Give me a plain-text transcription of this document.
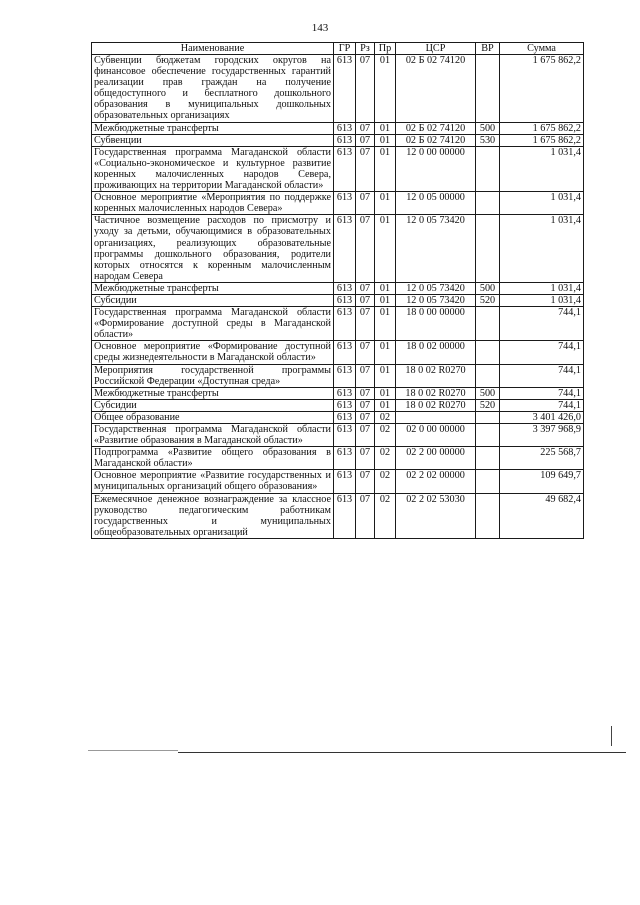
143
Наименование	ГР	Рз	Пр	ЦСР	ВР	Сумма
Субвенции бюджетам городских округов на финансовое обеспечение государственных гарантий реализации прав граждан на получение общедоступного и бесплатного дошкольного образования в муниципальных дошкольных образовательных организациях	613	07	01	02 Б 02 74120		1 675 862,2
Межбюджетные трансферты	613	07	01	02 Б 02 74120	500	1 675 862,2
Субвенции	613	07	01	02 Б 02 74120	530	1 675 862,2
Государственная программа Магаданской области «Социально-экономическое и культурное развитие коренных малочисленных народов Севера, проживающих на территории Магаданской области»	613	07	01	12 0 00 00000		1 031,4
Основное мероприятие «Мероприятия по поддержке коренных малочисленных народов Севера»	613	07	01	12 0 05 00000		1 031,4
Частичное возмещение расходов по присмотру и уходу за детьми, обучающимися в образовательных организациях, реализующих образовательные программы дошкольного образования, родители которых относятся к коренным малочисленным народам Севера	613	07	01	12 0 05 73420		1 031,4
Межбюджетные трансферты	613	07	01	12 0 05 73420	500	1 031,4
Субсидии	613	07	01	12 0 05 73420	520	1 031,4
Государственная программа Магаданской области «Формирование доступной среды в Магаданской области»	613	07	01	18 0 00 00000		744,1
Основное мероприятие «Формирование доступной среды жизнедеятельности в Магаданской области»	613	07	01	18 0 02 00000		744,1
Мероприятия государственной программы Российской Федерации «Доступная среда»	613	07	01	18 0 02 R0270		744,1
Межбюджетные трансферты	613	07	01	18 0 02 R0270	500	744,1
Субсидии	613	07	01	18 0 02 R0270	520	744,1
Общее образование	613	07	02			3 401 426,0
Государственная программа Магаданской области «Развитие образования в Магаданской области»	613	07	02	02 0 00 00000		3 397 968,9
Подпрограмма «Развитие общего образования в Магаданской области»	613	07	02	02 2 00 00000		225 568,7
Основное мероприятие «Развитие государственных и муниципальных организаций общего образования»	613	07	02	02 2 02 00000		109 649,7
Ежемесячное денежное вознаграждение за классное руководство педагогическим работникам государственных и муниципальных общеобразовательных организаций	613	07	02	02 2 02 53030		49 682,4
